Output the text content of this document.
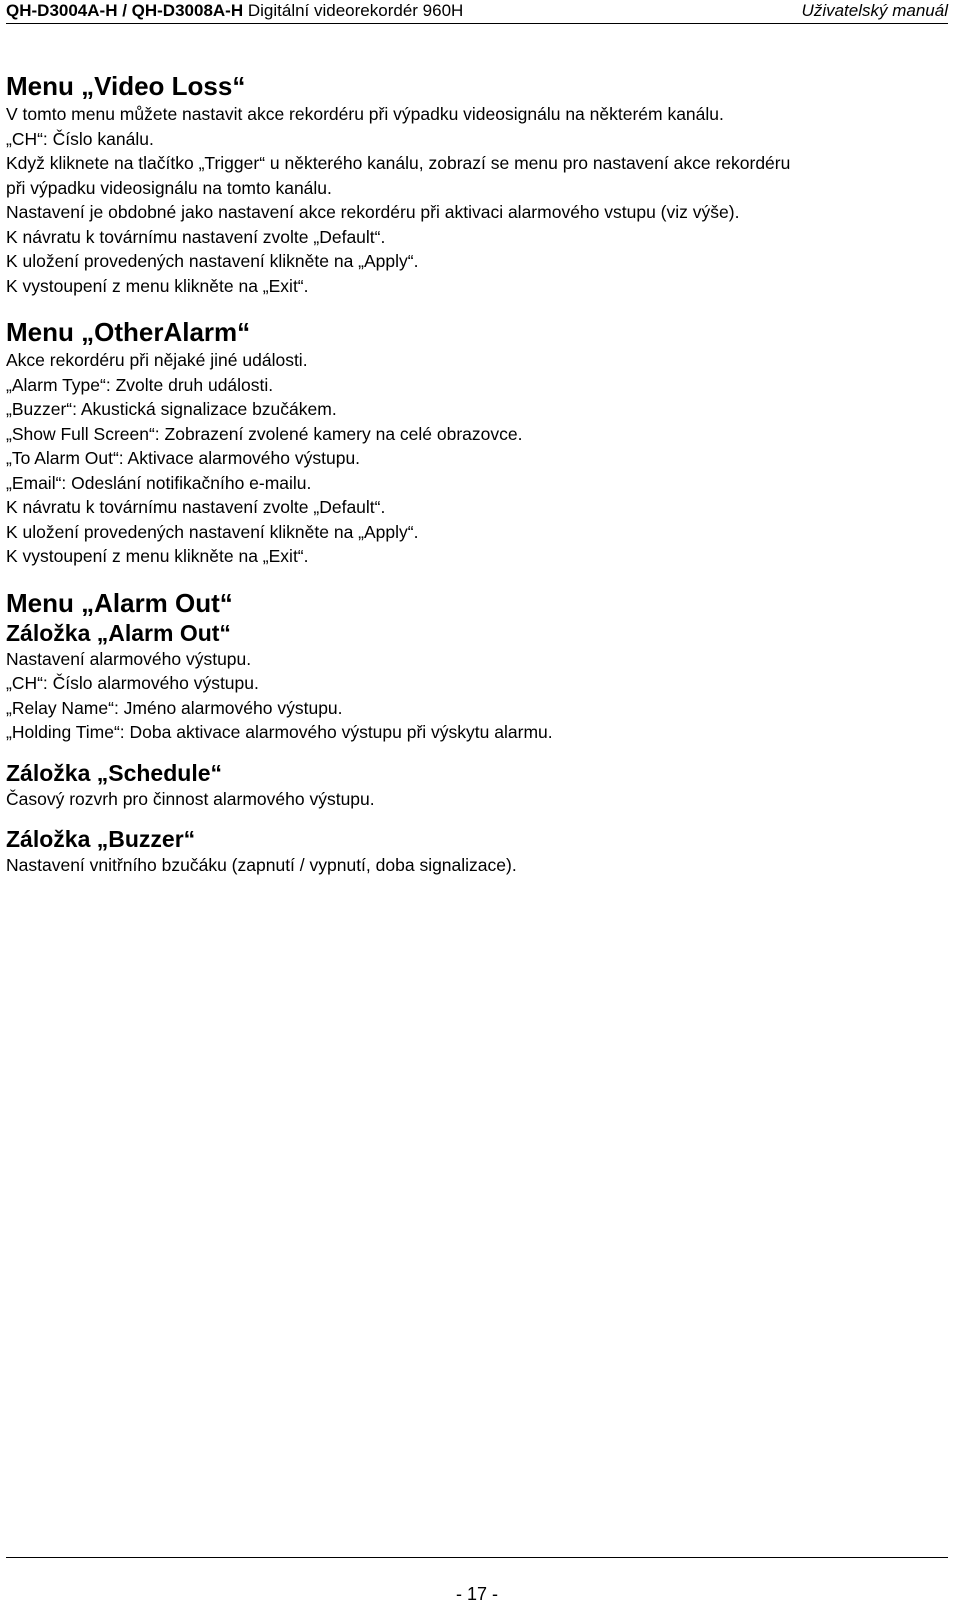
QH-D3004A-H / QH-D3008A-H Digitální videorekordér 960H	Uživatelský manuál
Menu „Video Loss“
V tomto menu můžete nastavit akce rekordéru při výpadku videosignálu na některém kanálu.
„CH“: Číslo kanálu.
Když kliknete na tlačítko „Trigger“ u některého kanálu, zobrazí se menu pro nastavení akce rekordéru
při výpadku videosignálu na tomto kanálu.
Nastavení je obdobné jako nastavení akce rekordéru při aktivaci alarmového vstupu (viz výše).
K návratu k továrnímu nastavení zvolte „Default“.
K uložení provedených nastavení klikněte na „Apply“.
K vystoupení z menu klikněte na „Exit“.
Menu „OtherAlarm“
Akce rekordéru při nějaké jiné události.
„Alarm Type“: Zvolte druh události.
„Buzzer“: Akustická signalizace bzučákem.
„Show Full Screen“: Zobrazení zvolené kamery na celé obrazovce.
„To Alarm Out“: Aktivace alarmového výstupu.
„Email“: Odeslání notifikačního e-mailu.
K návratu k továrnímu nastavení zvolte „Default“.
K uložení provedených nastavení klikněte na „Apply“.
K vystoupení z menu klikněte na „Exit“.
Menu „Alarm Out“
Záložka „Alarm Out“
Nastavení alarmového výstupu.
„CH“: Číslo alarmového výstupu.
„Relay Name“: Jméno alarmového výstupu.
„Holding Time“: Doba aktivace alarmového výstupu při výskytu alarmu.
Záložka „Schedule“
Časový rozvrh pro činnost alarmového výstupu.
Záložka „Buzzer“
Nastavení vnitřního bzučáku (zapnutí / vypnutí, doba signalizace).
- 17 -
